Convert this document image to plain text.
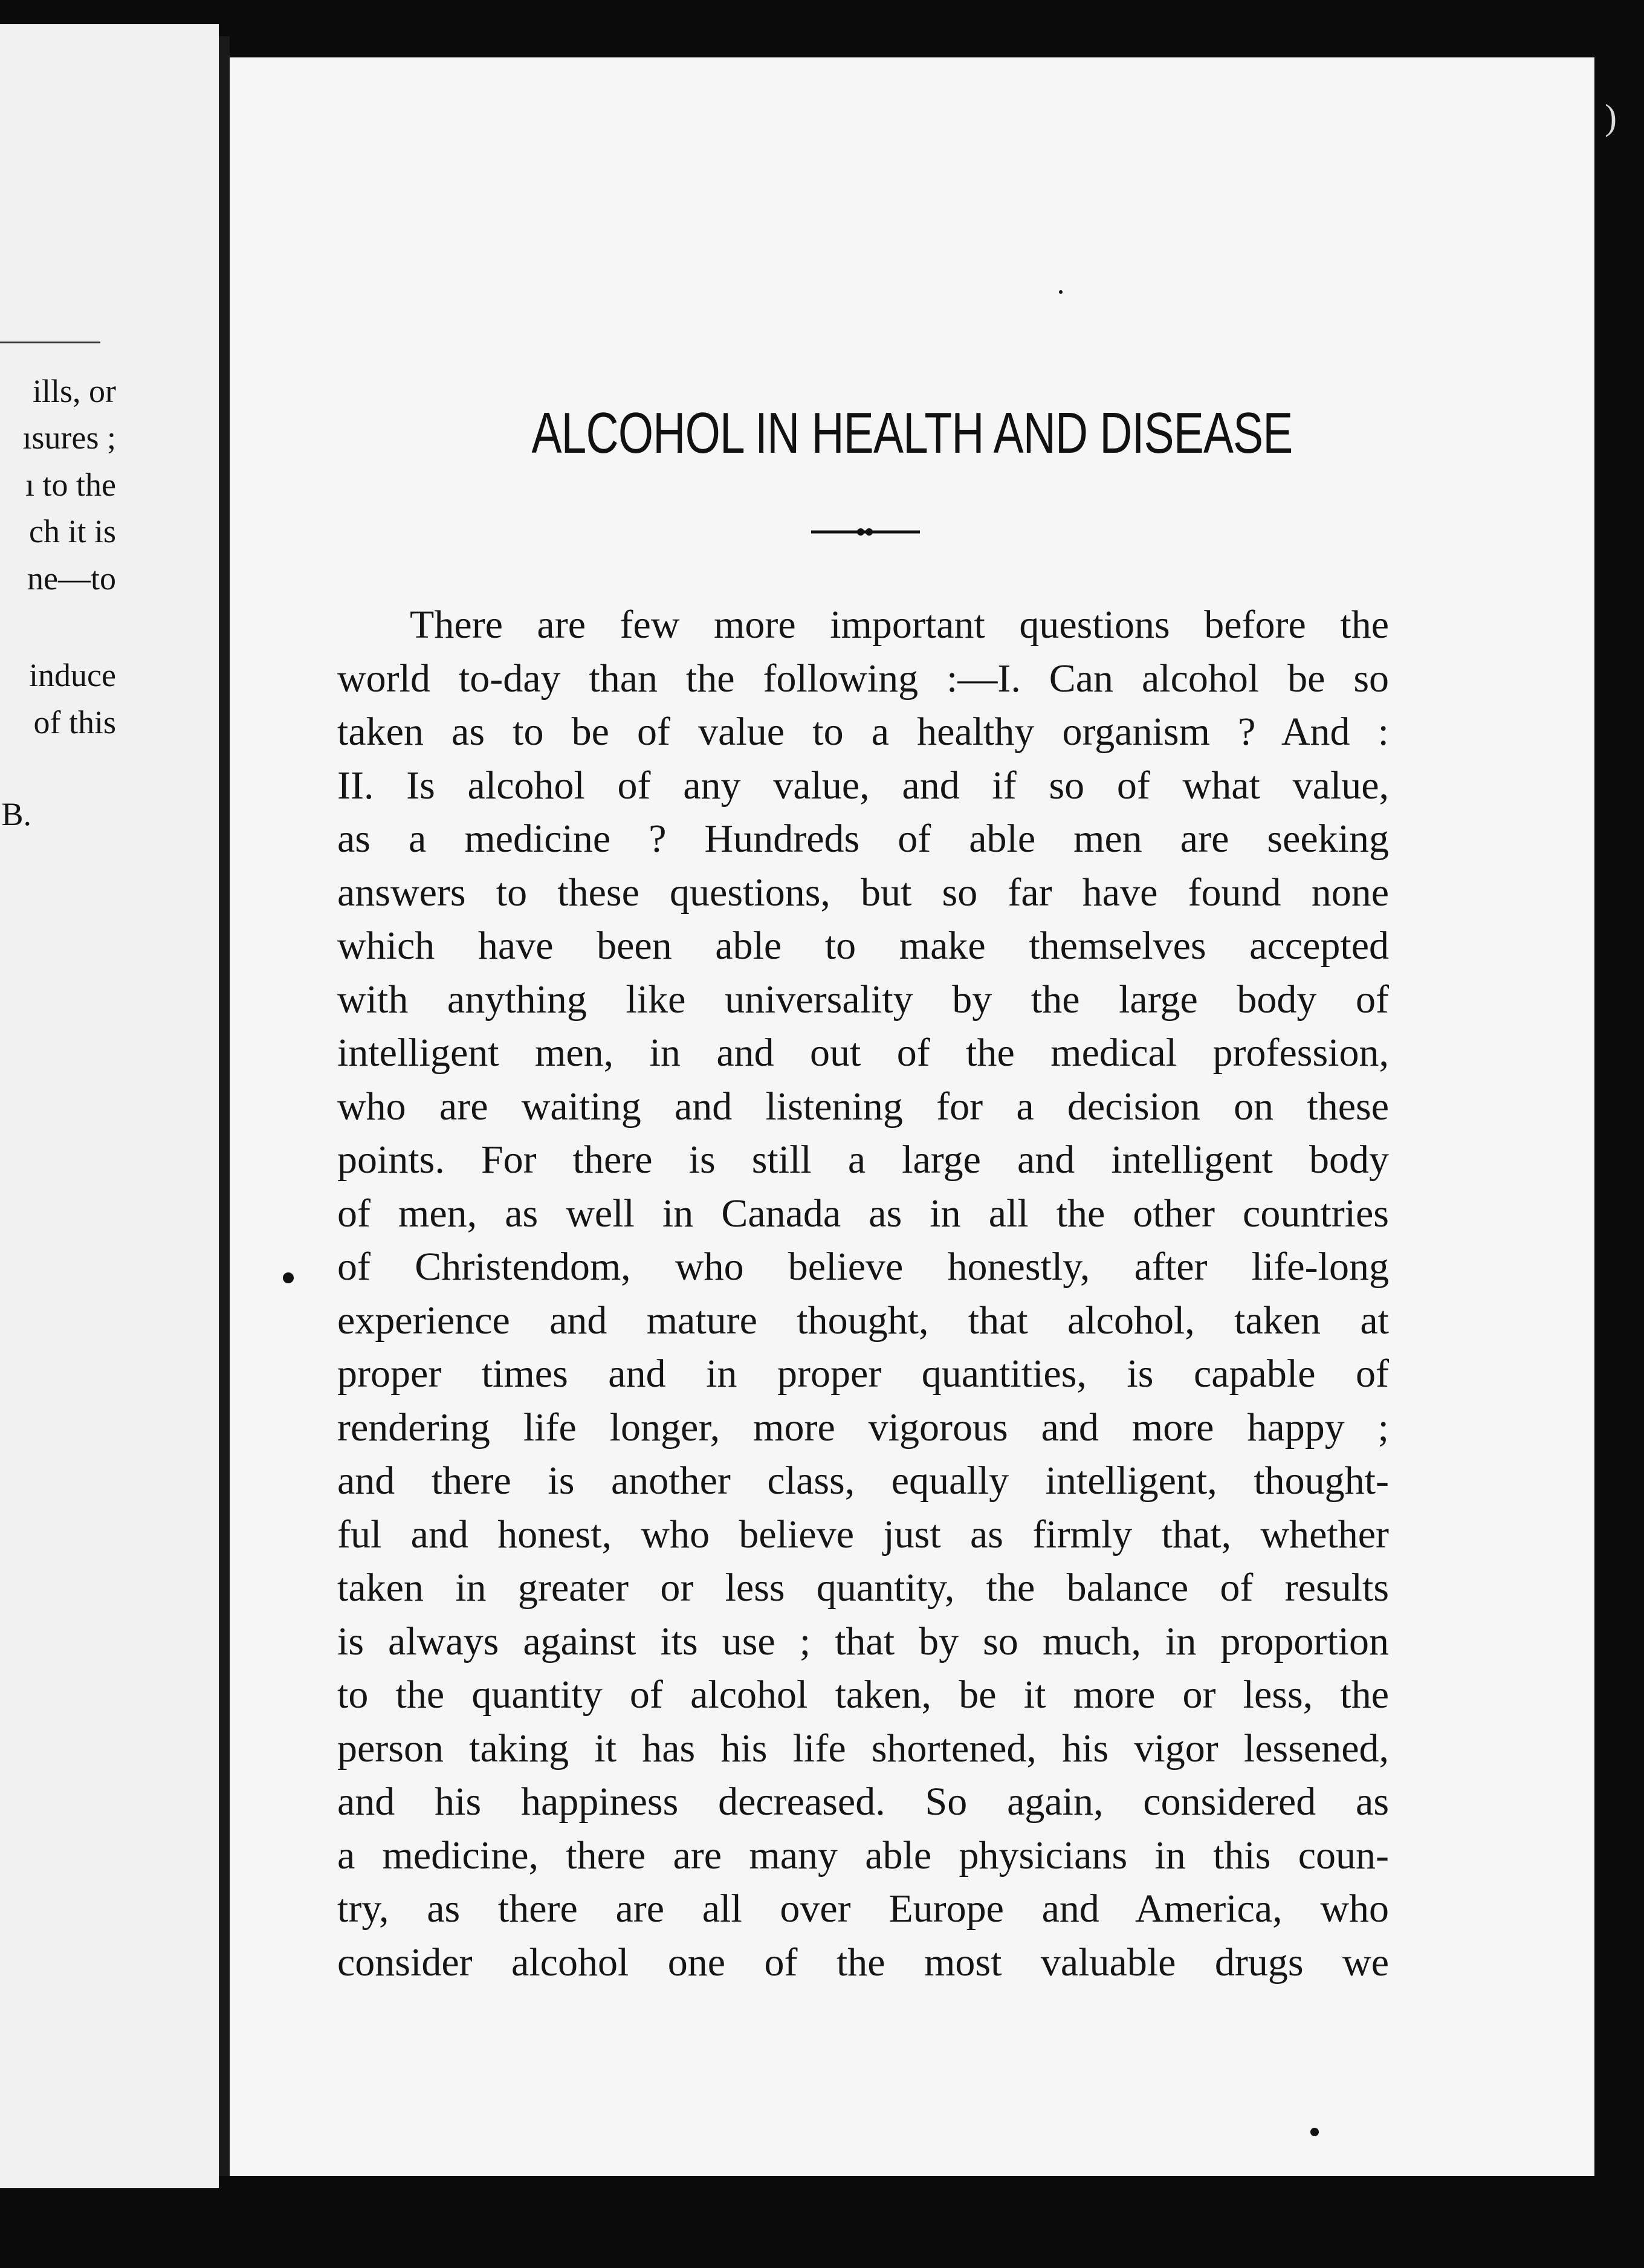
ills, or
ısures ;
ı to the
ch it is
ne—to
induce
of this
B.
ALCOHOL IN HEALTH AND DISEASE
There are few more important questions before the
world to-day than the following :—I. Can alcohol be so
taken as to be of value to a healthy organism ? And :
II. Is alcohol of any value, and if so of what value,
as a medicine ? Hundreds of able men are seeking
answers to these questions, but so far have found none
which have been able to make themselves accepted
with anything like universality by the large body of
intelligent men, in and out of the medical profession,
who are waiting and listening for a decision on these
points. For there is still a large and intelligent body
of men, as well in Canada as in all the other countries
of Christendom, who believe honestly, after life-long
experience and mature thought, that alcohol, taken at
proper times and in proper quantities, is capable of
rendering life longer, more vigorous and more happy ;
and there is another class, equally intelligent, thought-
ful and honest, who believe just as firmly that, whether
taken in greater or less quantity, the balance of results
is always against its use ; that by so much, in proportion
to the quantity of alcohol taken, be it more or less, the
person taking it has his life shortened, his vigor lessened,
and his happiness decreased. So again, considered as
a medicine, there are many able physicians in this coun-
try, as there are all over Europe and America, who
consider alcohol one of the most valuable drugs we
)
